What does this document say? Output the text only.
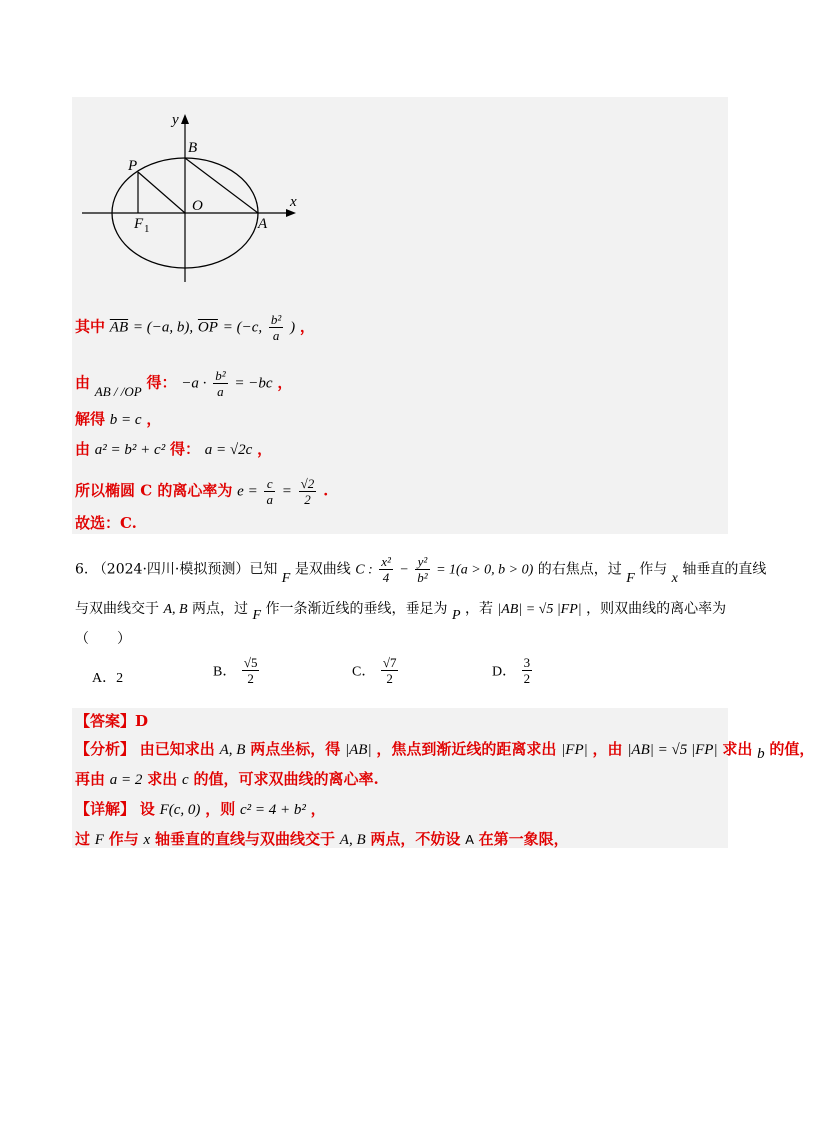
y
B
P
O	x
F 1	A
其中 $\overline{AB} = (-a$, b), $\overline{OP} = (-c$, $\frac{\text{b²}}{a}$ ) ，
由 AB / /OP 得： $-a \cdot \frac{\text{b²}}{a} = -bc$ ，
解得 b = c ，
由 a² = b² + c² 得： a = √2c ，
所以椭圆 C 的离心率为 $e = \frac{c}{a} = \frac{√2}{2}$ .
故选：C.
6. （2024·四川·模拟预测）已知 F 是双曲线 C : $\frac{\text{x²}}{4} - \frac{\text{y²}}{\text{b²}} = 1(a > 0$, b > 0) 的右焦点，过 F 作与 x 轴垂直的直线
与双曲线交于 A, B 两点，过 F 作一条渐近线的垂线，垂足为 P ，若 |AB| = √5 |FP| ，则双曲线的离心率为
（　　）
A．2	B． $\frac{√5}{2}$	C． $\frac{√7}{2}$	D． $\frac{3}{2}$
【答案】D
【分析】 由已知求出 A, B 两点坐标，得 |AB| ，焦点到渐近线的距离求出 |FP| ，由 |AB| = √5 |FP| 求出 b 的值，
再由 a = 2 求出 c 的值，可求双曲线的离心率.
【详解】 设 F(c, 0) ，则 c² = 4 + b² ，
过 F 作与 x 轴垂直的直线与双曲线交于 A, B 两点，不妨设 A 在第一象限，
